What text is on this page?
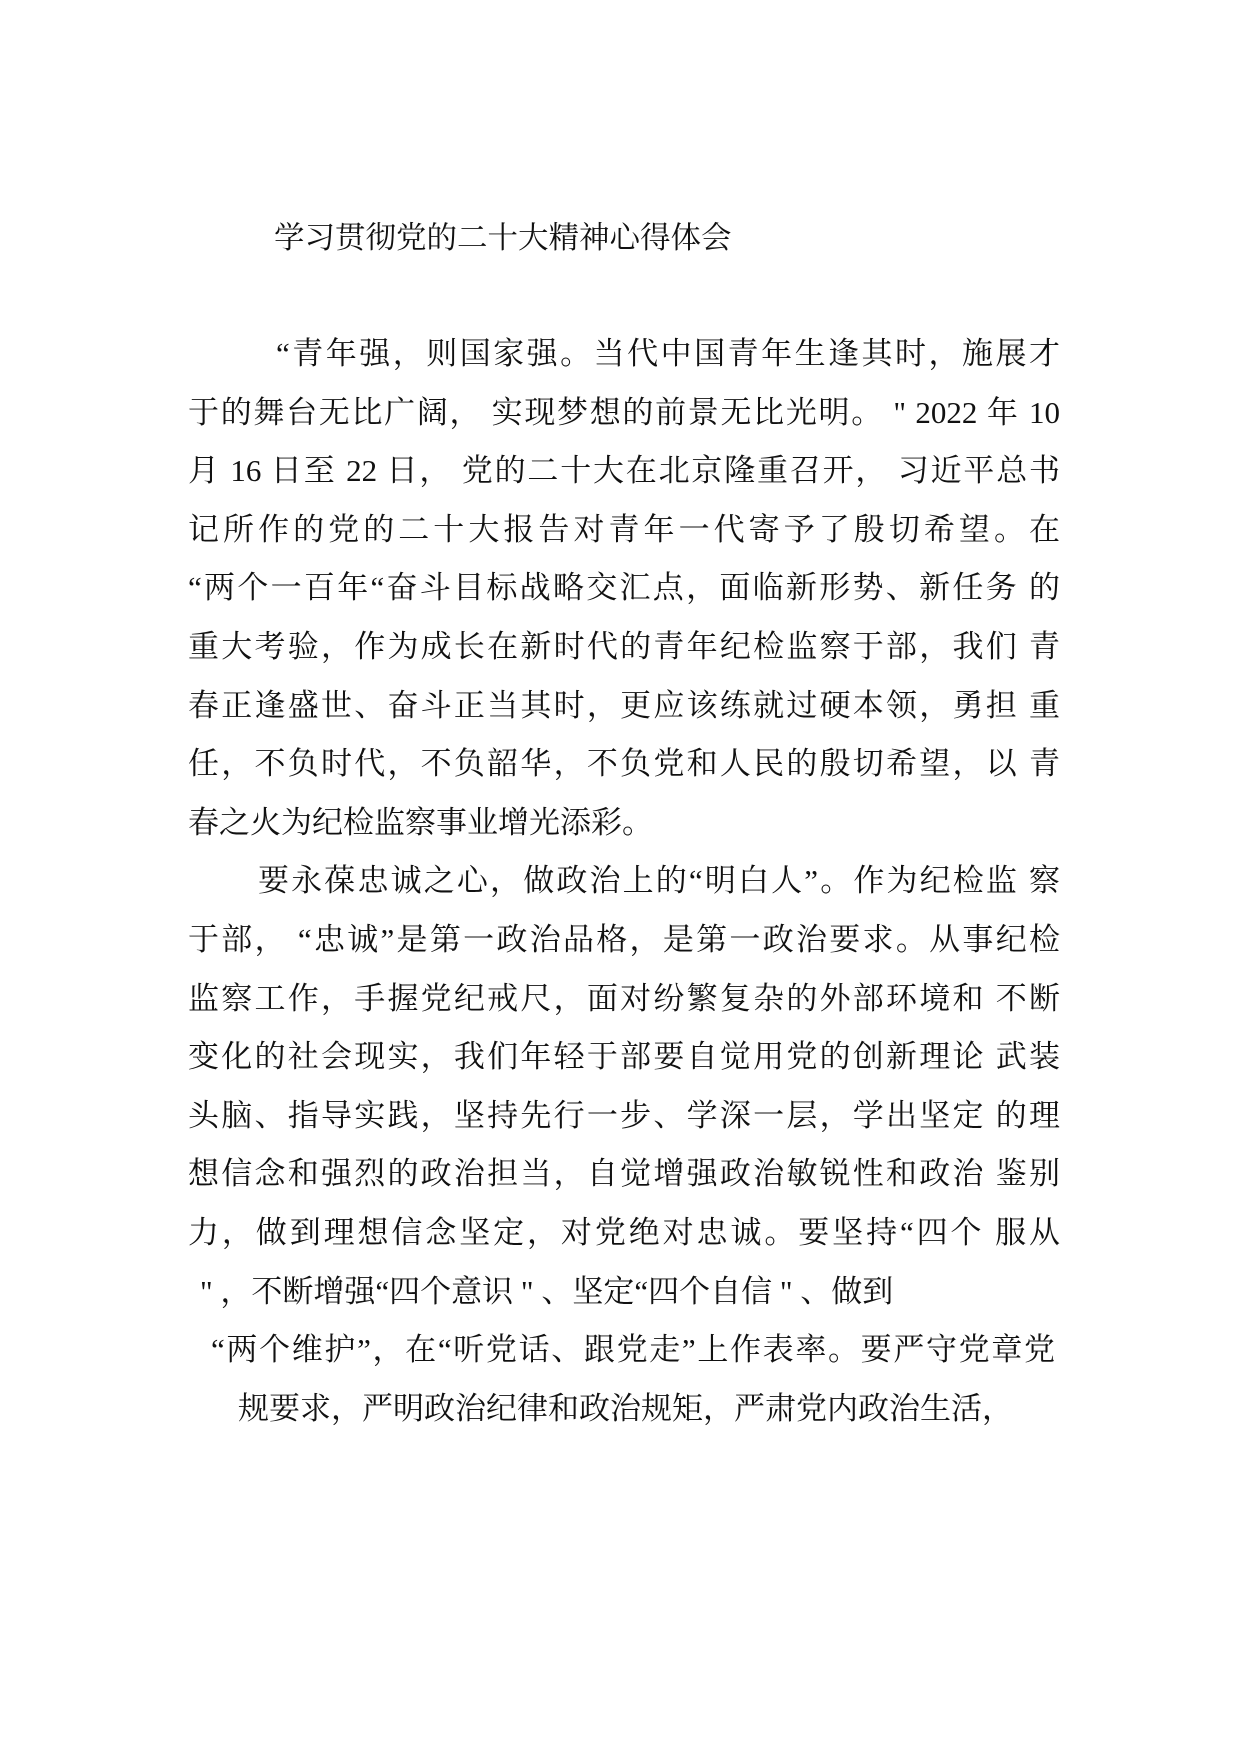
学习贯彻党的二十大精神心得体会
“青年强，则国家强。当代中国青年生逢其时，施展才
于的舞台无比广阔， 实现梦想的前景无比光明。 " 2022 年 10
月 16 日至 22 日， 党的二十大在北京隆重召开， 习近平总书
记所作的党的二十大报告对青年一代寄予了殷切希望。在
“两个一百年“奋斗目标战略交汇点，面临新形势、新任务 的
重大考验，作为成长在新时代的青年纪检监察于部，我们 青
春正逢盛世、奋斗正当其时，更应该练就过硬本领，勇担 重
任，不负时代，不负韶华，不负党和人民的殷切希望，以 青
春之火为纪检监察事业增光添彩。
要永葆忠诚之心，做政治上的“明白人”。作为纪检监 察
于部， “忠诚”是第一政治品格，是第一政治要求。从事纪检
监察工作，手握党纪戒尺，面对纷繁复杂的外部环境和 不断
变化的社会现实，我们年轻于部要自觉用党的创新理论 武装
头脑、指导实践，坚持先行一步、学深一层，学出坚定 的理
想信念和强烈的政治担当，自觉增强政治敏锐性和政治 鉴别
力，做到理想信念坚定，对党绝对忠诚。要坚持“四个 服从
" ，不断增强“四个意识 " 、坚定“四个自信 " 、做到
“两个维护”，在“听党话、跟党走”上作表率。要严守党章党
规要求，严明政治纪律和政治规矩，严肃党内政治生活，
